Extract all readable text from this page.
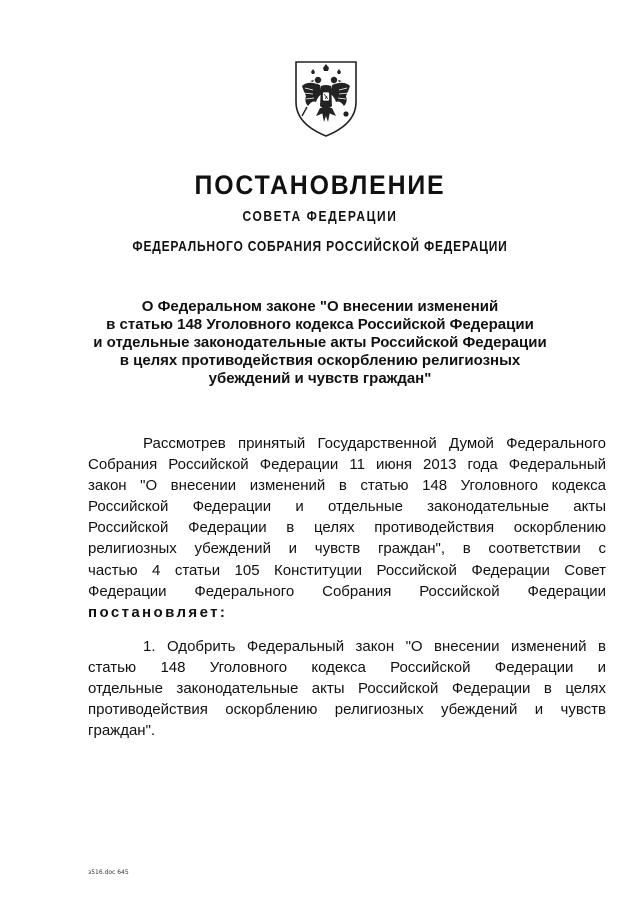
ПОСТАНОВЛЕНИЕ
СОВЕТА ФЕДЕРАЦИИ
ФЕДЕРАЛЬНОГО СОБРАНИЯ РОССИЙСКОЙ ФЕДЕРАЦИИ
О Федеральном законе "О внесении изменений
в статью 148 Уголовного кодекса Российской Федерации
и отдельные законодательные акты Российской Федерации
в целях противодействия оскорблению религиозных
убеждений и чувств граждан"
Рассмотрев принятый Государственной Думой Федерального
Собрания Российской Федерации 11 июня 2013 года Федеральный
закон "О внесении изменений в статью 148 Уголовного кодекса
Российской Федерации и отдельные законодательные акты
Российской Федерации в целях противодействия оскорблению
религиозных убеждений и чувств граждан", в соответствии с
частью 4 статьи 105 Конституции Российской Федерации Совет
Федерации Федерального Собрания Российской Федерации
постановляет:
1. Одобрить Федеральный закон "О внесении изменений в
статью 148 Уголовного кодекса Российской Федерации и
отдельные законодательные акты Российской Федерации в целях
противодействия оскорблению религиозных убеждений и чувств
граждан".
з516.doc 645
